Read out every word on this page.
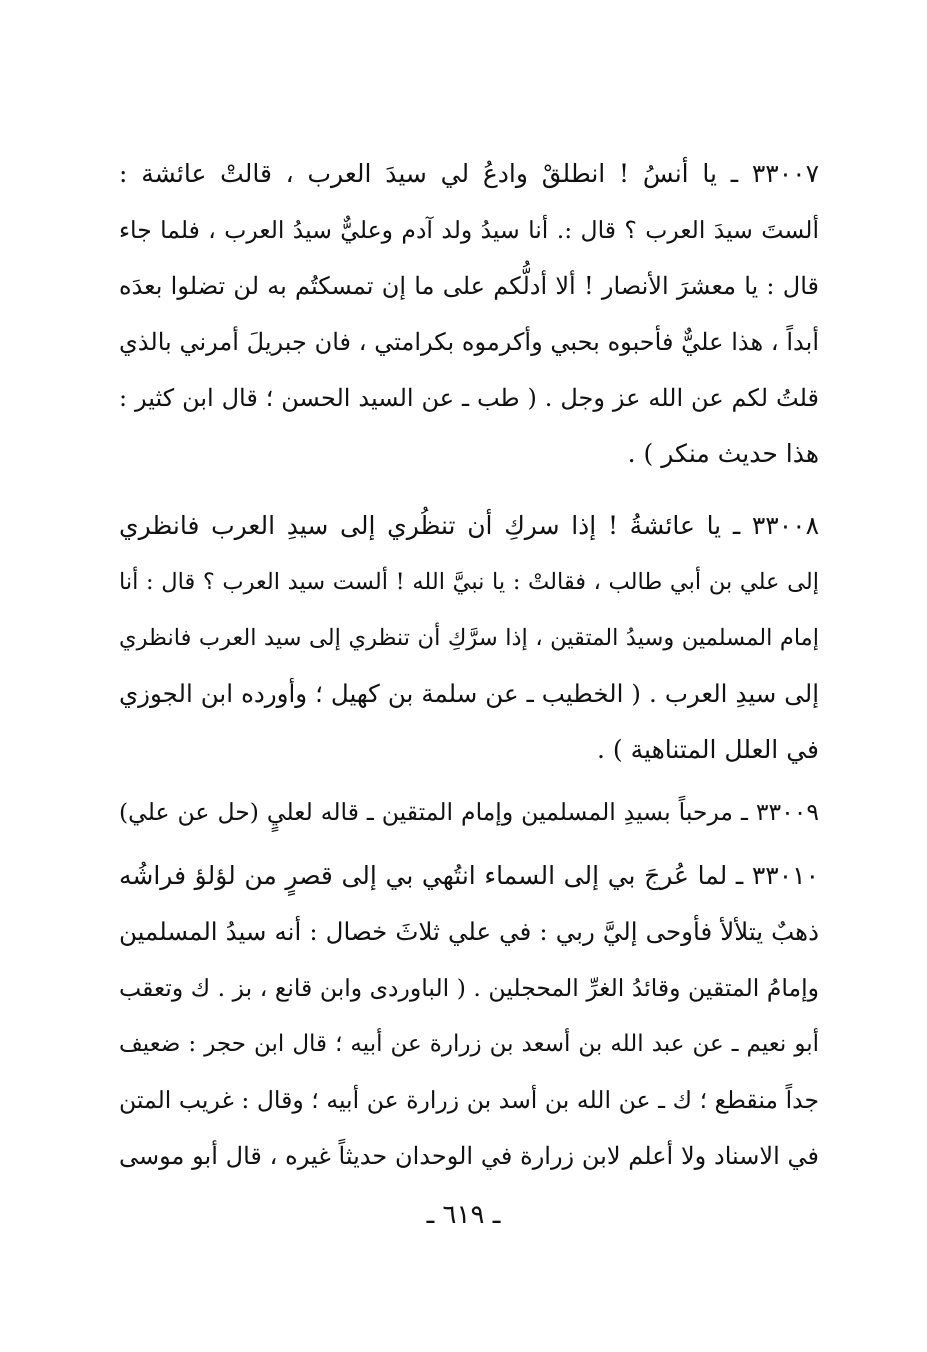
٣٣٠٠٧ ـ يا أنسُ ! انطلقْ وادعُ لي سيدَ العرب ، قالتْ عائشة :
ألستَ سيدَ العرب ؟ قال :. أنا سيدُ ولد آدم وعليٌّ سيدُ العرب ، فلما جاء
قال : يا معشرَ الأنصار ! ألا أدلُّكم على ما إن تمسكتُم به لن تضلوا بعدَه
أبداً ، هذا عليٌّ فأحبوه بحبي وأكرموه بكرامتي ، فان جبريلَ أمرني بالذي
قلتُ لكم عن الله عز وجل . ( طب ـ عن السيد الحسن ؛ قال ابن كثير :
هذا حديث منكر ) .
٣٣٠٠٨ ـ يا عائشةُ ! إذا سركِ أن تنظُري إلى سيدِ العرب فانظري
إلى علي بن أبي طالب ، فقالتْ : يا نبيَّ الله ! ألست سيد العرب ؟ قال : أنا
إمام المسلمين وسيدُ المتقين ، إذا سرَّكِ أن تنظري إلى سيد العرب فانظري
إلى سيدِ العرب . ( الخطيب ـ عن سلمة بن كهيل ؛ وأورده ابن الجوزي
في العلل المتناهية ) .
٣٣٠٠٩ ـ مرحباً بسيدِ المسلمين وإمام المتقين ـ قاله لعليٍ (حل عن علي)
٣٣٠١٠ ـ لما عُرجَ بي إلى السماء انتُهي بي إلى قصرٍ من لؤلؤ فراشُه
ذهبٌ يتلألأ فأوحى إليَّ ربي : في علي ثلاثَ خصال : أنه سيدُ المسلمين
وإمامُ المتقين وقائدُ الغرِّ المحجلين . ( الباوردى وابن قانع ، بز . ك وتعقب
أبو نعيم ـ عن عبد الله بن أسعد بن زرارة عن أبيه ؛ قال ابن حجر : ضعيف
جداً منقطع ؛ ك ـ عن الله بن أسد بن زرارة عن أبيه ؛ وقال : غريب المتن
في الاسناد ولا أعلم لابن زرارة في الوحدان حديثاً غيره ، قال أبو موسى
ـ ٦١٩ ـ
